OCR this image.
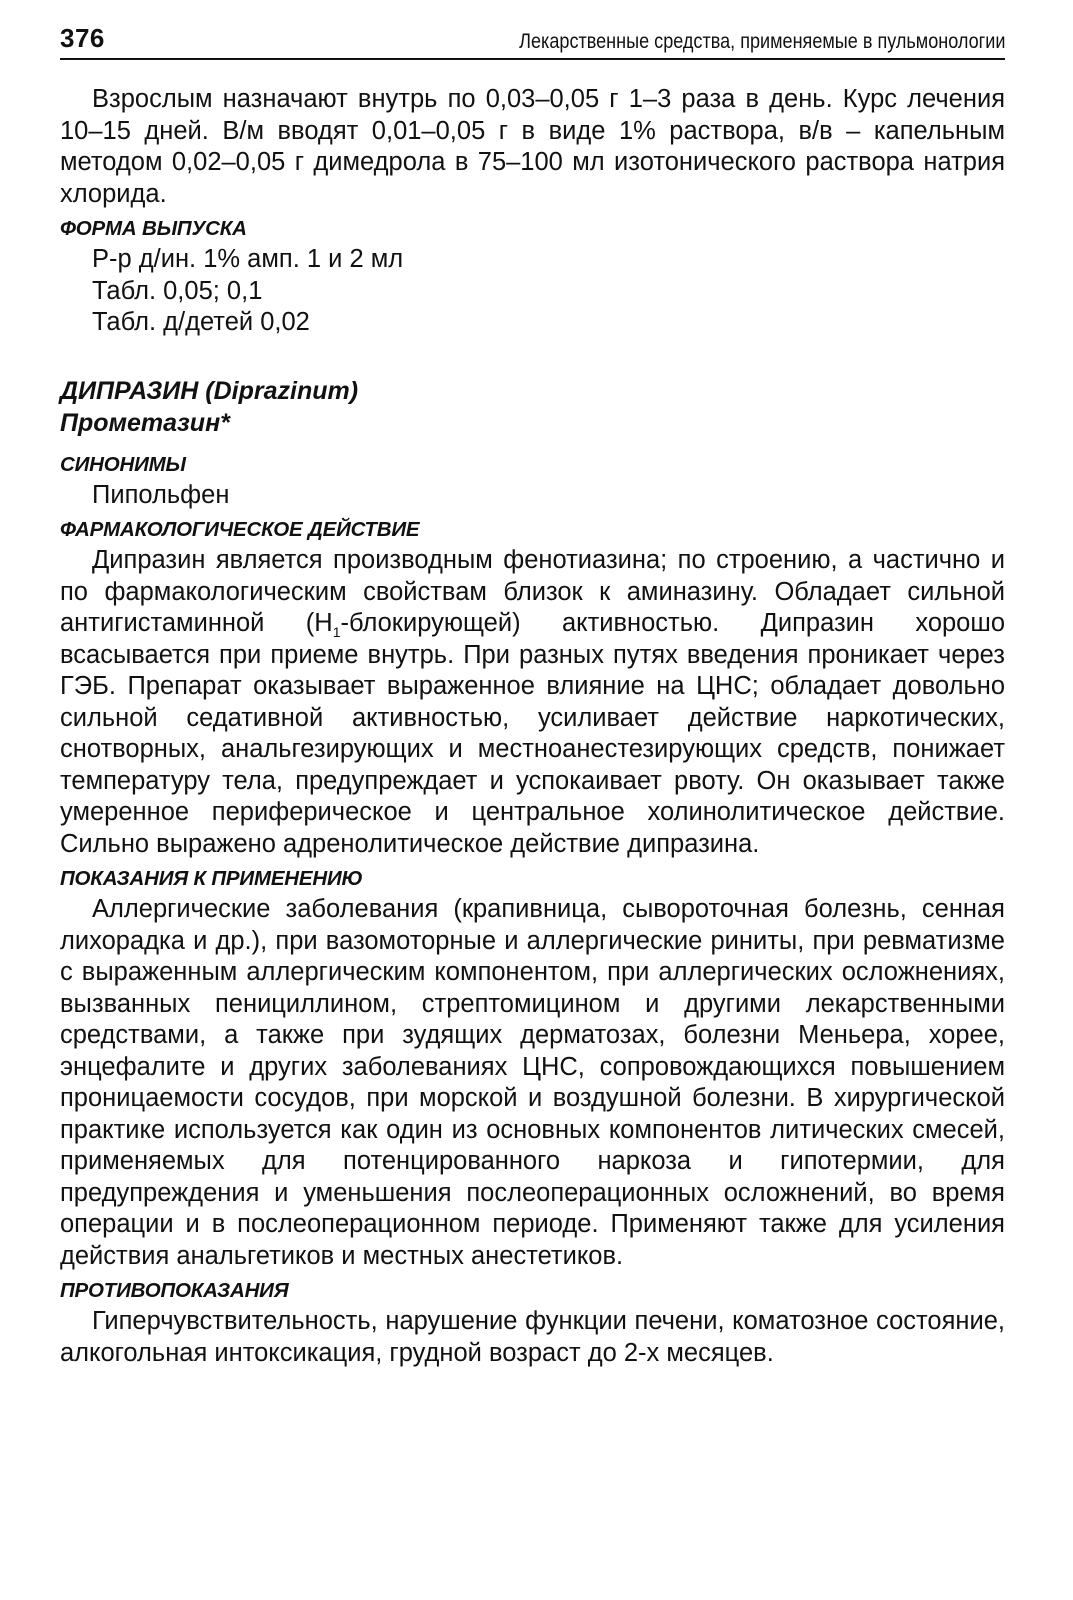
376	Лекарственные средства, применяемые в пульмонологии

Взрослым назначают внутрь по 0,03–0,05 г 1–3 раза в день. Курс лечения 10–15 дней. В/м вводят 0,01–0,05 г в виде 1% раствора, в/в – капельным методом 0,02–0,05 г димедрола в 75–100 мл изотонического раствора натрия хлорида.

ФОРМА ВЫПУСКА
Р-р д/ин. 1% амп. 1 и 2 мл
Табл. 0,05; 0,1
Табл. д/детей 0,02
ДИПРАЗИН (Diprazinum)
Прометазин*
СИНОНИМЫ
Пипольфен
ФАРМАКОЛОГИЧЕСКОЕ ДЕЙСТВИЕ

Дипразин является производным фенотиазина; по строению, а частично и по фармакологическим свойствам близок к аминазину. Обладает сильной антигистаминной $(H_1-блокирующей)$ активностью. Дипразин хорошо всасывается при приеме внутрь. При разных путях введения проникает через ГЭБ. Препарат оказывает выраженное влияние на ЦНС; обладает довольно сильной седативной активностью, усиливает действие наркотических, снотворных, анальгезирующих и местноанестезирующих средств, понижает температуру тела, предупреждает и успокаивает рвоту. Он оказывает также умеренное периферическое и центральное холинолитическое действие. Сильно выражено адренолитическое действие дипразина.

ПОКАЗАНИЯ К ПРИМЕНЕНИЮ

Аллергические заболевания (крапивница, сывороточная болезнь, сенная лихорадка и др.), при вазомоторные и аллергические риниты, при ревматизме с выраженным аллергическим компонентом, при аллергических осложнениях, вызванных пенициллином, стрептомицином и другими лекарственными средствами, а также при зудящих дерматозах, болезни Меньера, хорее, энцефалите и других заболеваниях ЦНС, сопровождающихся повышением проницаемости сосудов, при морской и воздушной болезни. В хирургической практике используется как один из основных компонентов литических смесей, применяемых для потенцированного наркоза и гипотермии, для предупреждения и уменьшения послеоперационных осложнений, во время операции и в послеоперационном периоде. Применяют также для усиления действия анальгетиков и местных анестетиков.

ПРОТИВОПОКАЗАНИЯ

Гиперчувствительность, нарушение функции печени, коматозное состояние, алкогольная интоксикация, грудной возраст до 2-х месяцев.
